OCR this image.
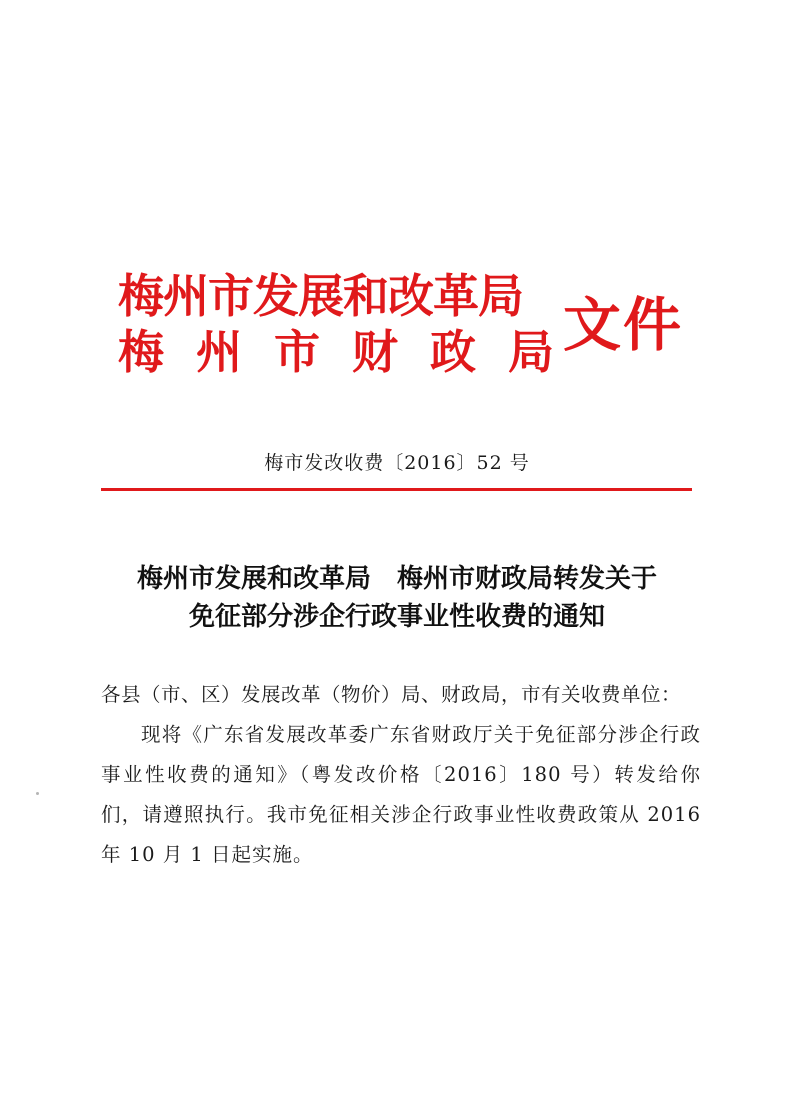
梅州市发展和改革局
梅州市财政局
文件
梅市发改收费〔2016〕52 号
梅州市发展和改革局　梅州市财政局转发关于
免征部分涉企行政事业性收费的通知

各县（市、区）发展改革（物价）局、财政局，市有关收费单位：

现将《广东省发展改革委广东省财政厅关于免征部分涉企行政事业性收费的通知》（粤发改价格〔2016〕180 号）转发给你们，请遵照执行。我市免征相关涉企行政事业性收费政策从 2016 年 10 月 1 日起实施。
